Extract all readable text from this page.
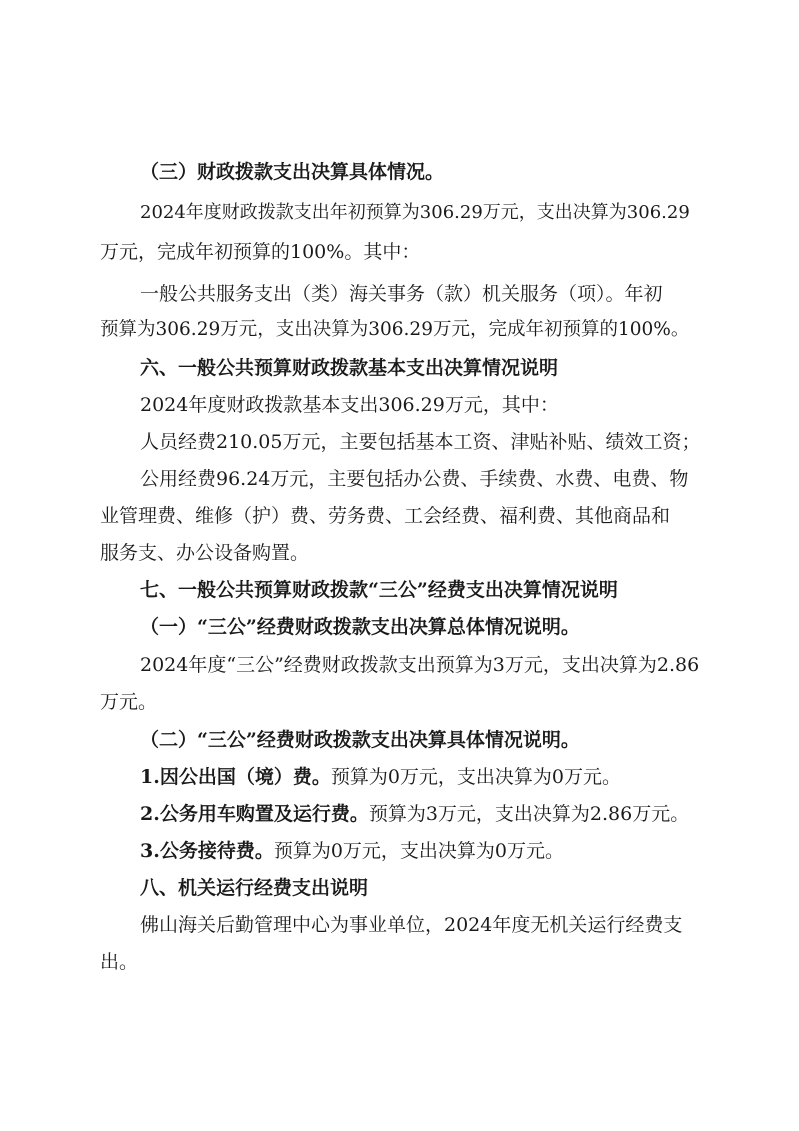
（三）财政拨款支出决算具体情况。
2024年度财政拨款支出年初预算为306.29万元，支出决算为306.29
万元，完成年初预算的100%。其中：
一般公共服务支出（类）海关事务（款）机关服务（项）。年初
预算为306.29万元，支出决算为306.29万元，完成年初预算的100%。
六、一般公共预算财政拨款基本支出决算情况说明
2024年度财政拨款基本支出306.29万元，其中：
人员经费210.05万元，主要包括基本工资、津贴补贴、绩效工资；
公用经费96.24万元，主要包括办公费、手续费、水费、电费、物
业管理费、维修（护）费、劳务费、工会经费、福利费、其他商品和
服务支、办公设备购置。
七、一般公共预算财政拨款“三公”经费支出决算情况说明
（一）“三公”经费财政拨款支出决算总体情况说明。
2024年度“三公”经费财政拨款支出预算为3万元，支出决算为2.86
万元。
（二）“三公”经费财政拨款支出决算具体情况说明。
1.因公出国（境）费。预算为0万元，支出决算为0万元。
2.公务用车购置及运行费。预算为3万元，支出决算为2.86万元。
3.公务接待费。预算为0万元，支出决算为0万元。
八、机关运行经费支出说明
佛山海关后勤管理中心为事业单位，2024年度无机关运行经费支
出。
